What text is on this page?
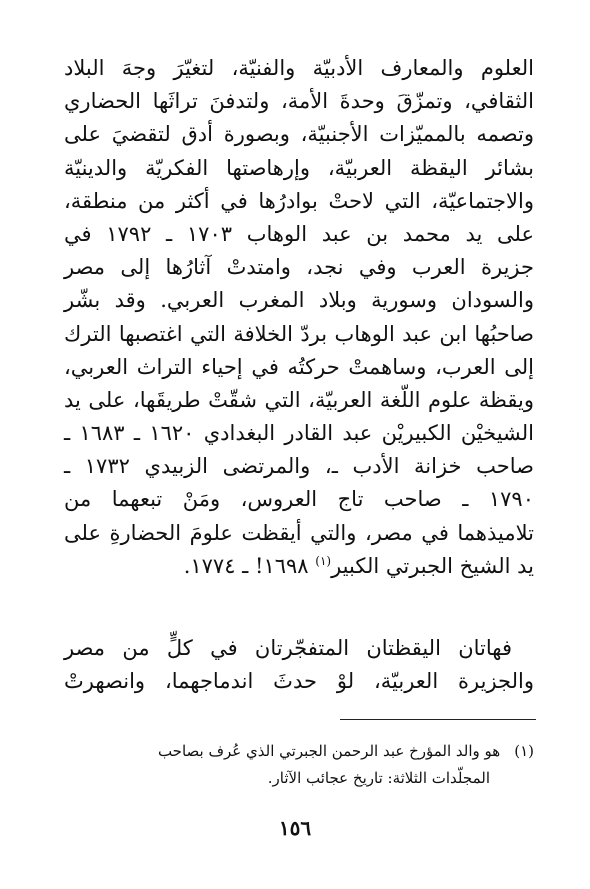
العلوم والمعارف الأدبيّة والفنيّة، لتغيّرَ وجهَ البلاد
الثقافي، وتمزّقَ وحدةَ الأمة، ولتدفنَ تراثَها الحضاري
وتصمه بالمميّزات الأجنبيّة، وبصورة أدق لتقضيَ على
بشائر اليقظة العربيّة، وإرهاصتها الفكريّة والدينيّة
والاجتماعيّة، التي لاحتْ بوادرُها في أكثر من منطقة،
على يد محمد بن عبد الوهاب ١٧٠٣ ـ ١٧٩٢ في
جزيرة العرب وفي نجد، وامتدتْ آثارُها إلى مصر
والسودان وسورية وبلاد المغرب العربي. وقد بشّر
صاحبُها ابن عبد الوهاب بردّ الخلافة التي اغتصبها الترك
إلى العرب، وساهمتْ حركتُه في إحياء التراث العربي،
ويقظة علوم اللّغة العربيّة، التي شقّتْ طريقَها، على يد
الشيخيْن الكبيريْن عبد القادر البغدادي ١٦٢٠ ـ ١٦٨٣ ـ
صاحب خزانة الأدب ـ، والمرتضى الزبيدي ١٧٣٢ ـ
١٧٩٠ ـ صاحب تاج العروس، ومَنْ تبعهما من
تلاميذهما في مصر، والتي أيقظت علومَ الحضارةِ على
يد الشيخ الجبرتي الكبير$^{(١)}$ ١٦٩٨! ـ ١٧٧٤.
فهاتان اليقظتان المتفجّرتان في كلٍّ من مصر
والجزيرة العربيّة، لوْ حدثَ اندماجهما، وانصهرتْ
(١)هو والد المؤرخ عبد الرحمن الجبرتي الذي عُرف بصاحب
المجلّدات الثلاثة: تاريخ عجائب الآثار.
١٥٦
